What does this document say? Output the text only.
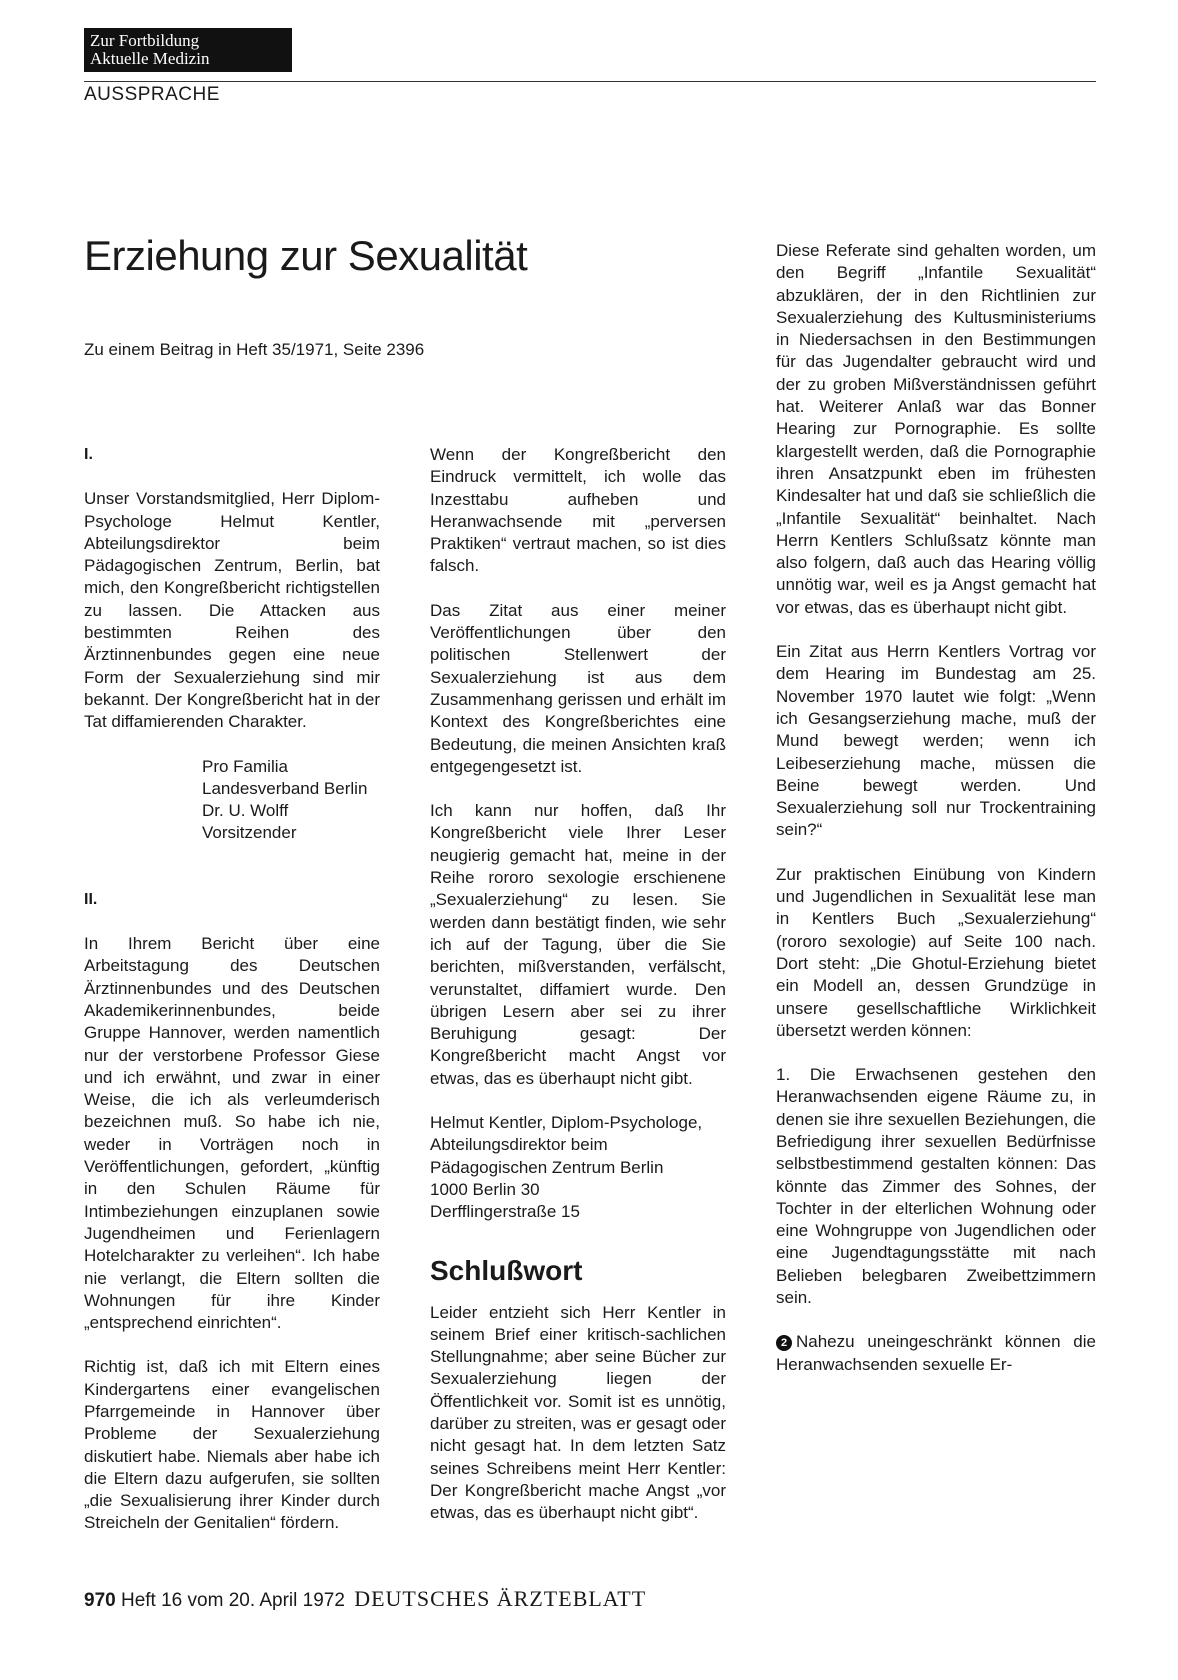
Zur Fortbildung
Aktuelle Medizin
AUSSPRACHE
Erziehung zur Sexualität
Zu einem Beitrag in Heft 35/1971, Seite 2396

I.

Unser Vorstandsmitglied, Herr Diplom-Psychologe Helmut Kentler, Abteilungsdirektor beim Pädagogischen Zentrum, Berlin, bat mich, den Kongreßbericht richtigstellen zu lassen. Die Attacken aus bestimmten Reihen des Ärztinnenbundes gegen eine neue Form der Sexualerziehung sind mir bekannt. Der Kongreßbericht hat in der Tat diffamierenden Charakter.

Pro Familia
Landesverband Berlin
Dr. U. Wolff
Vorsitzender

II.

In Ihrem Bericht über eine Arbeitstagung des Deutschen Ärztinnenbundes und des Deutschen Akademikerinnenbundes, beide Gruppe Hannover, werden namentlich nur der verstorbene Professor Giese und ich erwähnt, und zwar in einer Weise, die ich als verleumderisch bezeichnen muß. So habe ich nie, weder in Vorträgen noch in Veröffentlichungen, gefordert, „künftig in den Schulen Räume für Intimbeziehungen einzuplanen sowie Jugendheimen und Ferienlagern Hotelcharakter zu verleihen“. Ich habe nie verlangt, die Eltern sollten die Wohnungen für ihre Kinder „entsprechend einrichten“.

Richtig ist, daß ich mit Eltern eines Kindergartens einer evangelischen Pfarrgemeinde in Hannover über Probleme der Sexualerziehung diskutiert habe. Niemals aber habe ich die Eltern dazu aufgerufen, sie sollten „die Sexualisierung ihrer Kinder durch Streicheln der Genitalien“ fördern.

Wenn der Kongreßbericht den Eindruck vermittelt, ich wolle das Inzesttabu aufheben und Heranwachsende mit „perversen Praktiken“ vertraut machen, so ist dies falsch.

Das Zitat aus einer meiner Veröffentlichungen über den politischen Stellenwert der Sexualerziehung ist aus dem Zusammenhang gerissen und erhält im Kontext des Kongreßberichtes eine Bedeutung, die meinen Ansichten kraß entgegengesetzt ist.

Ich kann nur hoffen, daß Ihr Kongreßbericht viele Ihrer Leser neugierig gemacht hat, meine in der Reihe rororo sexologie erschienene „Sexualerziehung“ zu lesen. Sie werden dann bestätigt finden, wie sehr ich auf der Tagung, über die Sie berichten, mißverstanden, verfälscht, verunstaltet, diffamiert wurde. Den übrigen Lesern aber sei zu ihrer Beruhigung gesagt: Der Kongreßbericht macht Angst vor etwas, das es überhaupt nicht gibt.

Helmut Kentler, Diplom-Psychologe,
Abteilungsdirektor beim
Pädagogischen Zentrum Berlin
1000 Berlin 30
Derfflingerstraße 15
Schlußwort

Leider entzieht sich Herr Kentler in seinem Brief einer kritisch-sachlichen Stellungnahme; aber seine Bücher zur Sexualerziehung liegen der Öffentlichkeit vor. Somit ist es unnötig, darüber zu streiten, was er gesagt oder nicht gesagt hat. In dem letzten Satz seines Schreibens meint Herr Kentler: Der Kongreßbericht mache Angst „vor etwas, das es überhaupt nicht gibt“.

Diese Referate sind gehalten worden, um den Begriff „Infantile Sexualität“ abzuklären, der in den Richtlinien zur Sexualerziehung des Kultusministeriums in Niedersachsen in den Bestimmungen für das Jugendalter gebraucht wird und der zu groben Mißverständnissen geführt hat. Weiterer Anlaß war das Bonner Hearing zur Pornographie. Es sollte klargestellt werden, daß die Pornographie ihren Ansatzpunkt eben im frühesten Kindesalter hat und daß sie schließlich die „Infantile Sexualität“ beinhaltet. Nach Herrn Kentlers Schlußsatz könnte man also folgern, daß auch das Hearing völlig unnötig war, weil es ja Angst gemacht hat vor etwas, das es überhaupt nicht gibt.

Ein Zitat aus Herrn Kentlers Vortrag vor dem Hearing im Bundestag am 25. November 1970 lautet wie folgt: „Wenn ich Gesangserziehung mache, muß der Mund bewegt werden; wenn ich Leibeserziehung mache, müssen die Beine bewegt werden. Und Sexualerziehung soll nur Trockentraining sein?“

Zur praktischen Einübung von Kindern und Jugendlichen in Sexualität lese man in Kentlers Buch „Sexualerziehung“ (rororo sexologie) auf Seite 100 nach. Dort steht: „Die Ghotul-Erziehung bietet ein Modell an, dessen Grundzüge in unsere gesellschaftliche Wirklichkeit übersetzt werden können:

1. Die Erwachsenen gestehen den Heranwachsenden eigene Räume zu, in denen sie ihre sexuellen Beziehungen, die Befriedigung ihrer sexuellen Bedürfnisse selbstbestimmend gestalten können: Das könnte das Zimmer des Sohnes, der Tochter in der elterlichen Wohnung oder eine Wohngruppe von Jugendlichen oder eine Jugendtagungsstätte mit nach Belieben belegbaren Zweibettzimmern sein.

2 Nahezu uneingeschränkt können die Heranwachsenden sexuelle Er-

970 Heft 16 vom 20. April 1972 DEUTSCHES ÄRZTEBLATT
